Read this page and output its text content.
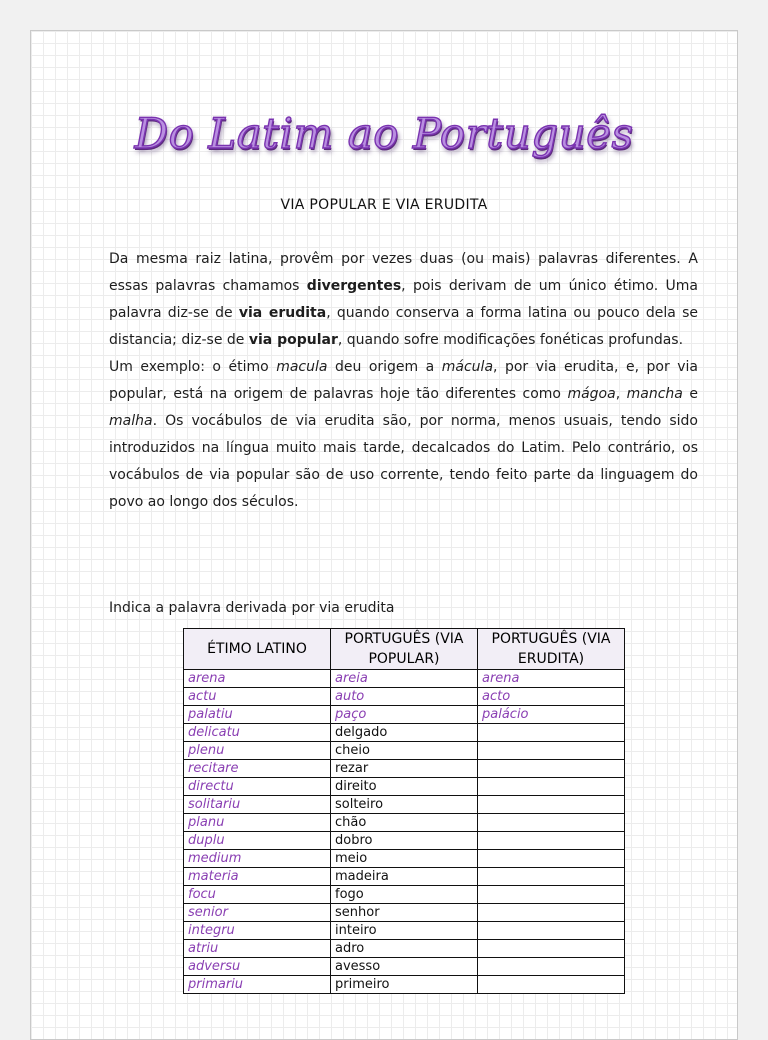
Do Latim ao Português
VIA POPULAR E VIA ERUDITA

Da mesma raiz latina, provêm por vezes duas (ou mais) palavras diferentes. A essas palavras chamamos divergentes, pois derivam de um único étimo. Uma palavra diz-se de via erudita, quando conserva a forma latina ou pouco dela se distancia; diz-se de via popular, quando sofre modificações fonéticas profundas.

Um exemplo: o étimo macula deu origem a mácula, por via erudita, e, por via popular, está na origem de palavras hoje tão diferentes como mágoa, mancha e malha. Os vocábulos de via erudita são, por norma, menos usuais, tendo sido introduzidos na língua muito mais tarde, decalcados do Latim. Pelo contrário, os vocábulos de via popular são de uso corrente, tendo feito parte da linguagem do povo ao longo dos séculos.

Indica a palavra derivada por via erudita
ÉTIMO LATINO	PORTUGUÊS (VIA POPULAR)	PORTUGUÊS (VIA ERUDITA)
arena	areia	arena
actu	auto	acto
palatiu	paço	palácio
delicatu	delgado	
plenu	cheio	
recitare	rezar	
directu	direito	
solitariu	solteiro	
planu	chão	
duplu	dobro	
medium	meio	
materia	madeira	
focu	fogo	
senior	senhor	
integru	inteiro	
atriu	adro	
adversu	avesso	
primariu	primeiro	
